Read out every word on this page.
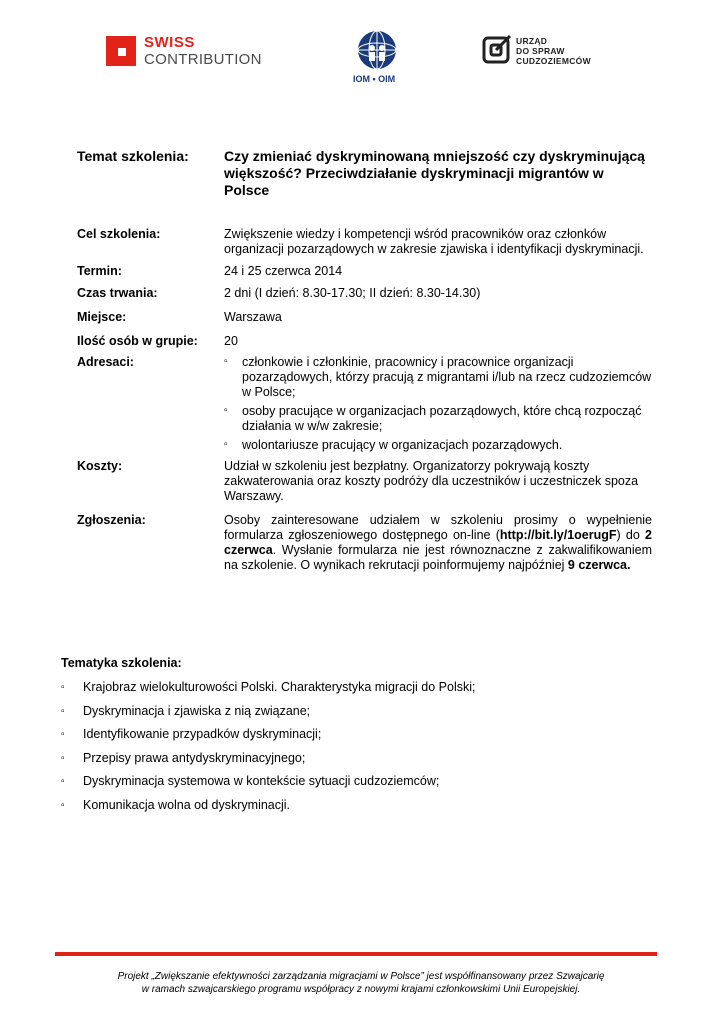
SWISS
CONTRIBUTION
IOM • OIM
URZĄD
DO SPRAW
CUDZOZIEMCÓW
Temat szkolenia:	Czy zmieniać dyskryminowaną mniejszość czy dyskryminującą większość? Przeciwdziałanie dyskryminacji migrantów w Polsce
Cel szkolenia:	Zwiększenie wiedzy i kompetencji wśród pracowników oraz członków organizacji pozarządowych w zakresie zjawiska i identyfikacji dyskryminacji.
Termin:	24 i 25 czerwca 2014
Czas trwania:	2 dni (I dzień: 8.30-17.30; II dzień: 8.30-14.30)
Miejsce:	Warszawa
Ilość osób w grupie: 20
Adresaci:
▫	członkowie i członkinie, pracownicy i pracownice organizacji pozarządowych, którzy pracują z migrantami i/lub na rzecz cudzoziemców w Polsce;
▫ osoby pracujące w organizacjach pozarządowych, które chcą rozpocząć działania w w/w zakresie;
▫ wolontariusze pracujący w organizacjach pozarządowych.
Koszty:	Udział w szkoleniu jest bezpłatny. Organizatorzy pokrywają koszty zakwaterowania oraz koszty podróży dla uczestników i uczestniczek spoza Warszawy.
Zgłoszenia:	Osoby zainteresowane udziałem w szkoleniu prosimy o wypełnienie formularza zgłoszeniowego dostępnego on-line (http://bit.ly/1oerugF) do 2 czerwca. Wysłanie formularza nie jest równoznaczne z zakwalifikowaniem na szkolenie. O wynikach rekrutacji poinformujemy najpóźniej 9 czerwca.
Tematyka szkolenia:
▫ Krajobraz wielokulturowości Polski. Charakterystyka migracji do Polski;
▫ Dyskryminacja i zjawiska z nią związane;
▫ Identyfikowanie przypadków dyskryminacji;
▫ Przepisy prawa antydyskryminacyjnego;
▫ Dyskryminacja systemowa w kontekście sytuacji cudzoziemców;
▫ Komunikacja wolna od dyskryminacji.
Projekt „Zwiększanie efektywności zarządzania migracjami w Polsce” jest współfinansowany przez Szwajcarię
w ramach szwajcarskiego programu współpracy z nowymi krajami członkowskimi Unii Europejskiej.
